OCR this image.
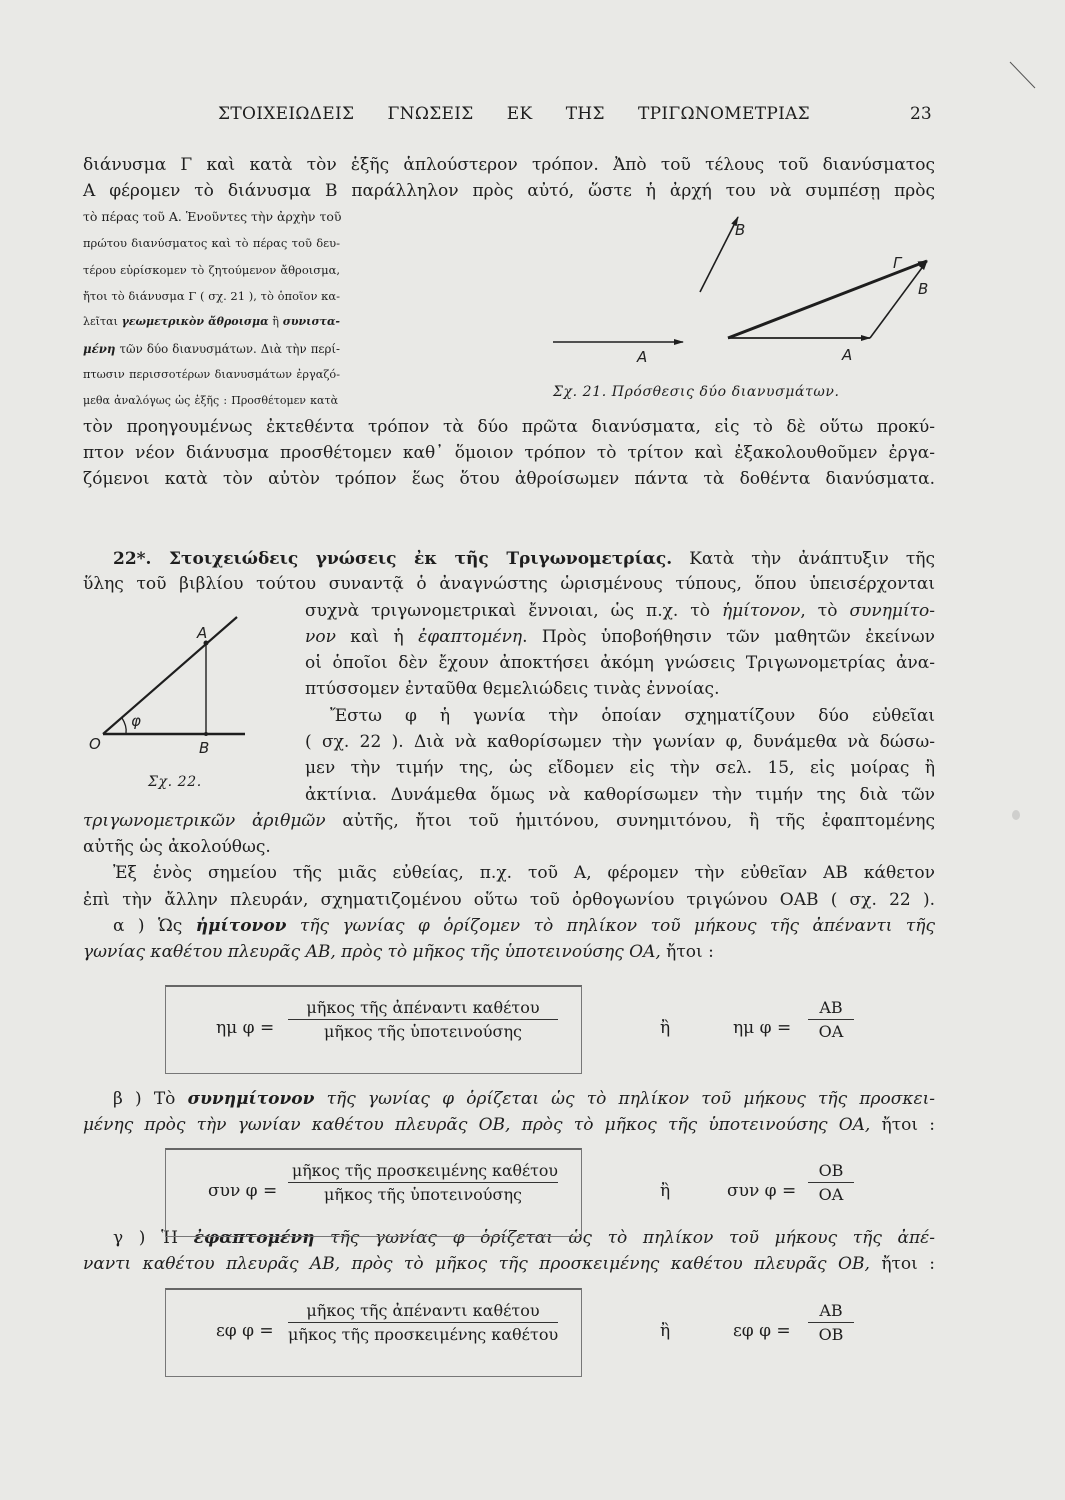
ΣΤΟΙΧΕΙΩΔΕΙΣ ΓΝΩΣΕΙΣ ΕΚ ΤΗΣ ΤΡΙΓΩΝΟΜΕΤΡΙΑΣ	23
διάνυσμα Γ καὶ κατὰ τὸν ἑξῆς ἁπλούστερον τρόπον. Ἀπὸ τοῦ τέλους τοῦ διανύσματος
Α φέρομεν τὸ διάνυσμα Β παράλληλον πρὸς αὐτό, ὥστε ἡ ἀρχή του νὰ συμπέσῃ πρὸς
τὸ πέρας τοῦ Α. Ἑνοῦντες τὴν ἀρχὴν τοῦ
πρώτου διανύσματος καὶ τὸ πέρας τοῦ δευ-
τέρου εὑρίσκομεν τὸ ζητούμενον ἄθροισμα,
ἤτοι τὸ διάνυσμα Γ ( σχ. 21 ), τὸ ὁποῖον κα-
λεῖται γεωμετρικὸν ἄθροισμα ἢ συνιστα-
μένη τῶν δύο διανυσμάτων. Διὰ τὴν περί-
πτωσιν περισσοτέρων διανυσμάτων ἐργαζό-
μεθα ἀναλόγως ὡς ἑξῆς : Προσθέτομεν κατὰ
τὸν προηγουμένως ἐκτεθέντα τρόπον τὰ δύο πρῶτα διανύσματα, εἰς τὸ δὲ οὕτω προκύ-
πτον νέον διάνυσμα προσθέτομεν καθ᾽ ὅμοιον τρόπον τὸ τρίτον καὶ ἐξακολουθοῦμεν ἐργα-
ζόμενοι κατὰ τὸν αὐτὸν τρόπον ἕως ὅτου ἀθροίσωμεν πάντα τὰ δοθέντα διανύσματα.
22*. Στοιχειώδεις γνώσεις ἐκ τῆς Τριγωνομετρίας. Κατὰ τὴν ἀνάπτυξιν τῆς
ὕλης τοῦ βιβλίου τούτου συναντᾷ ὁ ἀναγνώστης ὡρισμένους τύπους, ὅπου ὑπεισέρχονται
συχνὰ τριγωνομετρικαὶ ἔννοιαι, ὡς π.χ. τὸ ἡμίτονον, τὸ συνημίτο-
νον καὶ ἡ ἐφαπτομένη. Πρὸς ὑποβοήθησιν τῶν μαθητῶν ἐκείνων
οἱ ὁποῖοι δὲν ἔχουν ἀποκτήσει ἀκόμη γνώσεις Τριγωνομετρίας ἀνα-
πτύσσομεν ἐνταῦθα θεμελιώδεις τινὰς ἐννοίας.
Ἔστω φ ἡ γωνία τὴν ὁποίαν σχηματίζουν δύο εὐθεῖαι
( σχ. 22 ). Διὰ νὰ καθορίσωμεν τὴν γωνίαν φ, δυνάμεθα νὰ δώσω-
μεν τὴν τιμήν της, ὡς εἴδομεν εἰς τὴν σελ. 15, εἰς μοίρας ἢ
ἀκτίνια. Δυνάμεθα ὅμως νὰ καθορίσωμεν τὴν τιμήν της διὰ τῶν
τριγωνομετρικῶν ἀριθμῶν αὐτῆς, ἤτοι τοῦ ἡμιτόνου, συνημιτόνου, ἢ τῆς ἐφαπτομένης
αὐτῆς ὡς ἀκολούθως.
Ἐξ ἑνὸς σημείου τῆς μιᾶς εὐθείας, π.χ. τοῦ Α, φέρομεν τὴν εὐθεῖαν ΑΒ κάθετον
ἐπὶ τὴν ἄλλην πλευράν, σχηματιζομένου οὕτω τοῦ ὀρθογωνίου τριγώνου ΟΑΒ ( σχ. 22 ).
α ) Ὡς ἡμίτονον τῆς γωνίας φ ὁρίζομεν τὸ πηλίκον τοῦ μήκους τῆς ἀπέναντι τῆς
γωνίας καθέτου πλευρᾶς ΑΒ, πρὸς τὸ μῆκος τῆς ὑποτεινούσης ΟΑ, ἤτοι :
β ) Τὸ συνημίτονον τῆς γωνίας φ ὁρίζεται ὡς τὸ πηλίκον τοῦ μήκους τῆς προσκει-
μένης πρὸς τὴν γωνίαν καθέτου πλευρᾶς ΟΒ, πρὸς τὸ μῆκος τῆς ὑποτεινούσης ΟΑ, ἤτοι :
γ ) Ἡ ἐφαπτομένη τῆς γωνίας φ ὁρίζεται ὡς τὸ πηλίκον τοῦ μήκους τῆς ἀπέ-
ναντι καθέτου πλευρᾶς ΑΒ, πρὸς τὸ μῆκος τῆς προσκειμένης καθέτου πλευρᾶς ΟΒ, ἤτοι :
B
A
Γ
B
A
A
φ
O	B
Σχ. 21. Πρόσθεσις δύο διανυσμάτων.
Σχ. 22.
ημ φ =
μῆκος τῆς ἀπέναντι καθέτου
μῆκος τῆς ὑποτεινούσης	ἢ	ημ $\varphi = \frac{AB}{OA}$
συν φ =
μῆκος τῆς προσκειμένης καθέτου
μῆκος τῆς ὑποτεινούσης	ἢ	συν $\varphi = \frac{OB}{OA}$
εφ φ =
μῆκος τῆς ἀπέναντι καθέτου
μῆκος τῆς προσκειμένης καθέτου	ἢ	εφ $\varphi = \frac{AB}{OB}$
